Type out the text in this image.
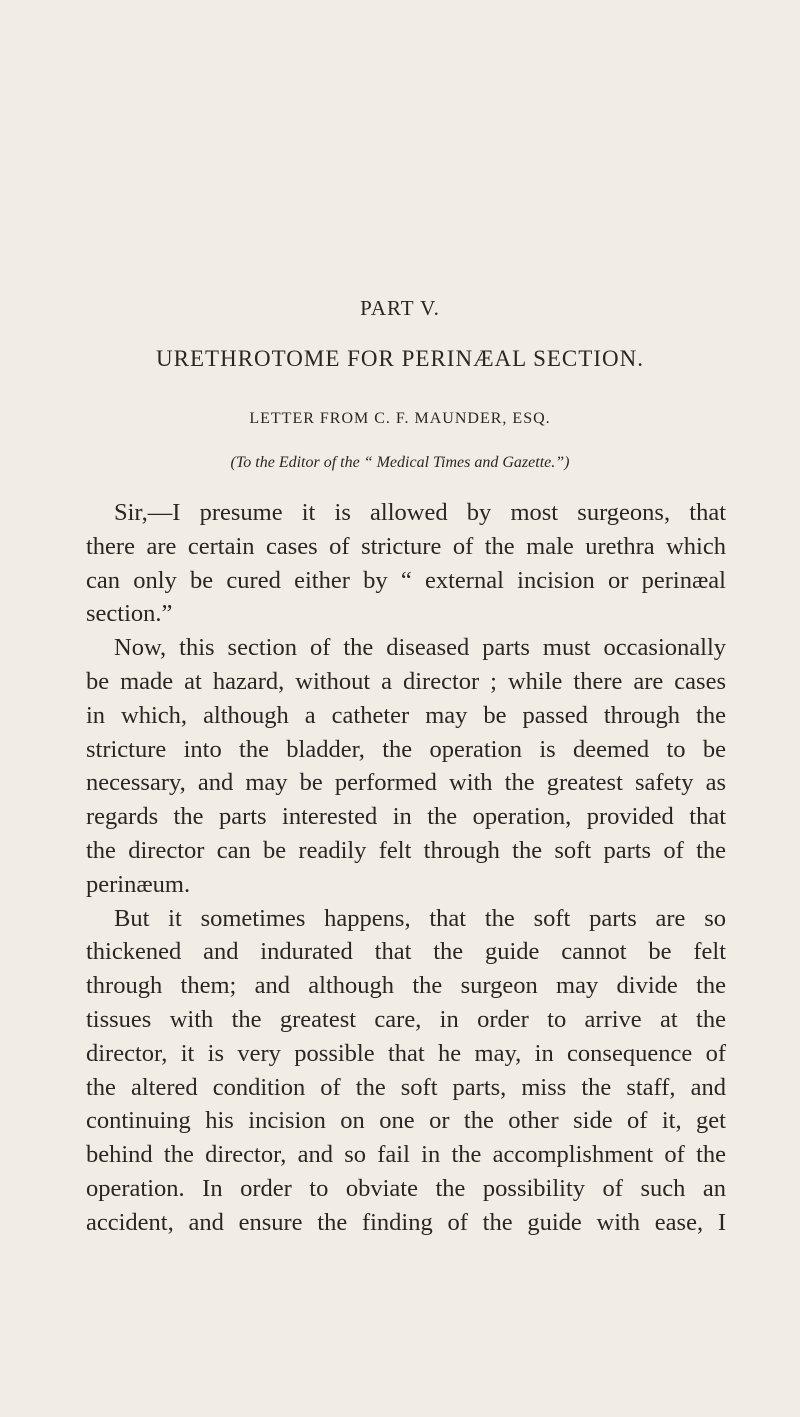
PART V.
URETHROTOME FOR PERINÆAL SECTION.
LETTER FROM C. F. MAUNDER, ESQ.
(To the Editor of the “ Medical Times and Gazette.”)
Sir,—I presume it is allowed by most surgeons, that
there are certain cases of stricture of the male urethra which
can only be cured either by “ external incision or perinæal
section.”
Now, this section of the diseased parts must occasionally
be made at hazard, without a director ; while there are cases
in which, although a catheter may be passed through the
stricture into the bladder, the operation is deemed to be
necessary, and may be performed with the greatest safety as
regards the parts interested in the operation, provided that
the director can be readily felt through the soft parts of the
perinæum.
But it sometimes happens, that the soft parts are so
thickened and indurated that the guide cannot be felt
through them; and although the surgeon may divide the
tissues with the greatest care, in order to arrive at the
director, it is very possible that he may, in consequence of
the altered condition of the soft parts, miss the staff, and
continuing his incision on one or the other side of it, get
behind the director, and so fail in the accomplishment of the
operation. In order to obviate the possibility of such an
accident, and ensure the finding of the guide with ease, I
